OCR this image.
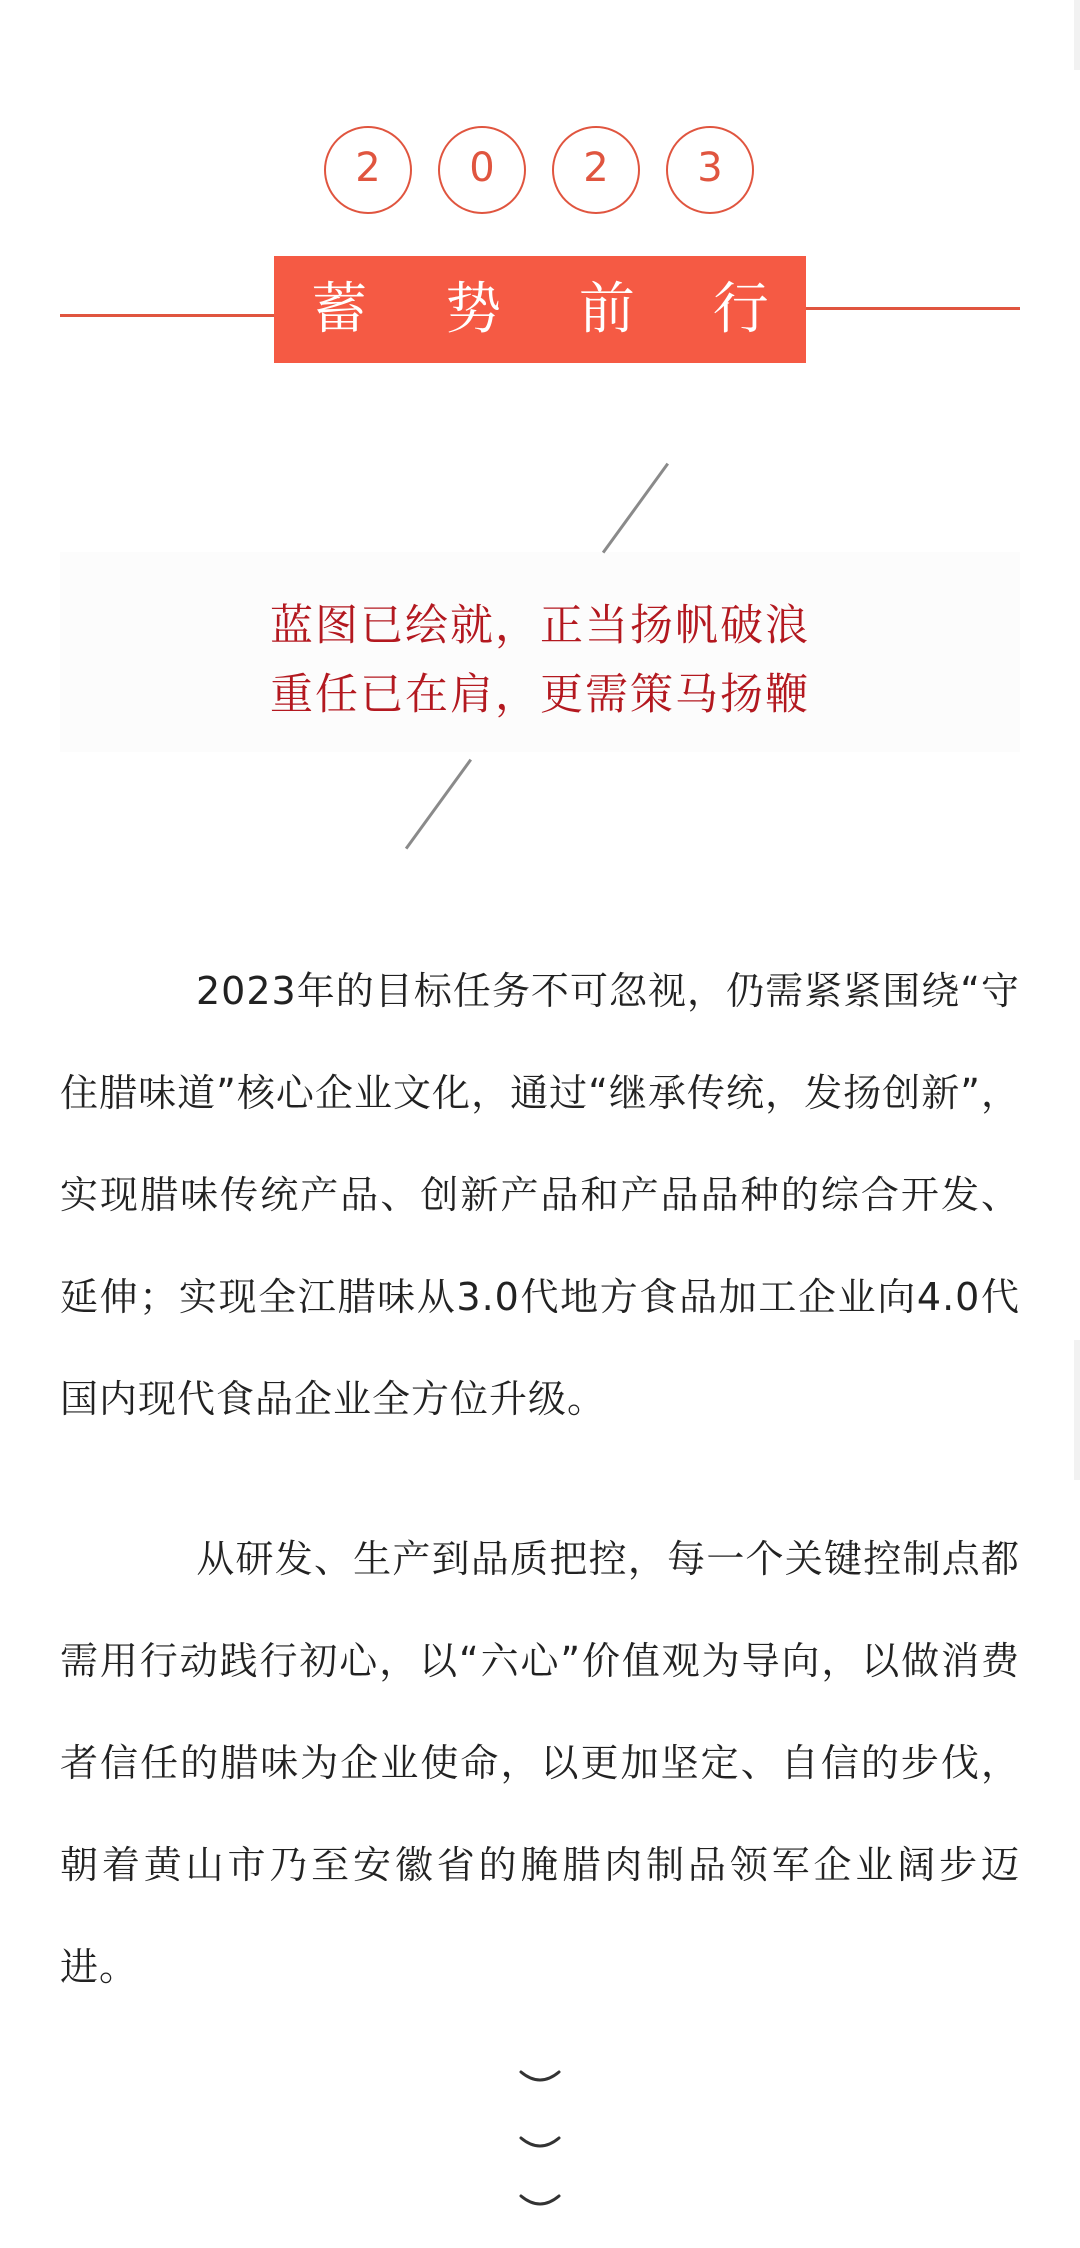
2	0	2	3
蓄 势 前 行
蓝图已绘就，正当扬帆破浪
重任已在肩，更需策马扬鞭
2023年的目标任务不可忽视，仍需紧紧围绕“守住腊味道”核心企业文化，通过“继承传统，发扬创新”，实现腊味传统产品、创新产品和产品品种的综合开发、延伸；实现全江腊味从3.0代地方食品加工企业向4.0代国内现代食品企业全方位升级。
从研发、生产到品质把控，每一个关键控制点都需用行动践行初心，以“六心”价值观为导向，以做消费者信任的腊味为企业使命，以更加坚定、自信的步伐，朝着黄山市乃至安徽省的腌腊肉制品领军企业阔步迈进。
